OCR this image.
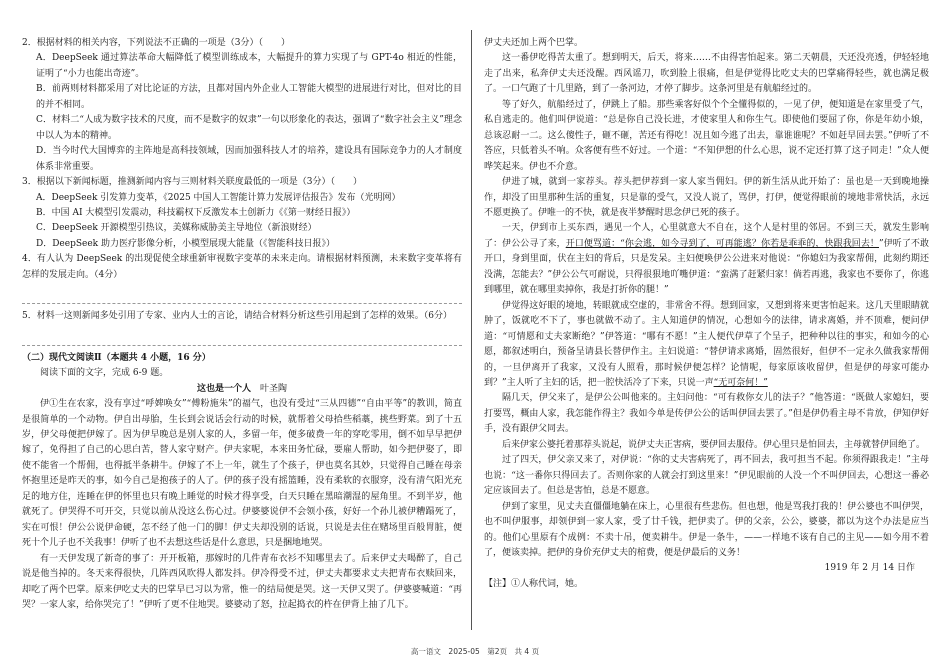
2．根据材料的相关内容，下列说法不正确的一项是（3分）（　　）

A．DeepSeek 通过算法革命大幅降低了模型训练成本，大幅提升的算力实现了与 GPT-4o 相近的性能，证明了“小力也能出奇迹”。

B．前两则材料都采用了对比论证的方法，且都对国内外企业人工智能大模型的进展进行对比，但对比的目的并不相同。

C．材料二“人成为数字技术的尺度，而不是数字的奴隶”一句以形象化的表达，强调了“数字社会主义”理念中以人为本的精神。

D．当今时代大国博弈的主阵地是高科技领域，因而加强科技人才的培养，建设具有国际竞争力的人才制度体系非常重要。

3．根据以下新闻标题，推测新闻内容与三则材料关联度最低的一项是（3分）（　　）

A．DeepSeek 引发算力变革，《2025 中国人工智能计算力发展评估报告》发布（光明网）

B．中国 AI 大模型引发震动，科技霸权下反激发本土创新力《《第一财经日报》）

C．DeepSeek 开源模型引热议，美媒称威胁美主导地位（新浪财经）

D．DeepSeek 助力医疗影像分析，小模型展现大能量（《智能科技日报》）

4．有人认为 DeepSeek 的出现促使全球重新审视数字变革的未来走向。请根据材料预测，未来数字变革将有怎样的发展走向。（4分）

5．材料一这则新闻多处引用了专家、业内人士的言论，请结合材料分析这些引用起到了怎样的效果。（6分）

（二）现代文阅读Ⅱ（本题共 4 小题，16 分）

阅读下面的文字，完成 6-9 题。

这也是一个人　 叶圣陶

伊①生在农家，没有享过“呼婢唤女”“傅粉施朱”的福气，也没有受过“三从四德”“自由平等”的教训，简直是很简单的一个动物。伊自出母胎，生长到会说话会行动的时候，就帮着父母拾些稻藁，挑些野菜。到了十五岁，伊父母便把伊嫁了。因为伊早晚总是别人家的人，多留一年，便多破费一年的穿吃零用，倒不如早早把伊嫁了，免得担了自己的心思白苦，替人家守财产。伊夫家呢，本来田务忙碌，要雇人帮助，如今把伊娶了，即使不能省一个帮佣，也得抵半条耕牛。伊嫁了不上一年，就生了个孩子，伊也莫名其妙，只觉得自己睡在母亲怀抱里还是昨天的事，如今自己是抱孩子的人了。伊的孩子没有摇篮睡，没有柔软的衣服穿，没有清气阳光充足的地方住，连睡在伊的怀里也只有晚上睡觉的时候才得享受，白天只睡在黑暗潮湿的屋角里。不到半岁，他就死了。伊哭得不可开交，只觉以前从没这么伤心过。伊婆婆说伊不会领小孩，好好一个孙儿被伊糟蹋死了，实在可恨！伊公公说伊命硬，怎不经了他一门的脚！伊丈夫却没别的话说，只说是去住在赌场里百般胃脏，便死十个儿子也不关我事！伊听了也不去想这些话是什么意思，只是捆地地哭。

有一天伊发现了新奇的事了：开开板箱，那嫁时的几件青布衣衫不知哪里去了。后来伊丈夫喝醉了，自己说是他当掉的。冬天来得很快，几阵西风吹得人都发抖。伊冷得受不过，伊丈夫都要求丈夫把青布衣赎回来，却吃了两个巴掌。原来伊吃丈夫的巴掌早已习以为常，惟一的结局便是哭。这一天伊又哭了。伊婆婆喊道：“再哭？一家人家，给你哭完了！”伊听了更不住地哭。婆婆动了怒，拉起捣衣的杵在伊背上抽了几下。

伊丈夫还加上两个巴掌。

这一番伊吃得苦太重了。想到明天，后天，将来……不由得害怕起来。第二天朝晨，天还没亮透，伊轻轻地走了出来，私奔伊丈夫还没醒。西风谣刀，吹到脸上很痛，但是伊觉得比吃丈夫的巴掌痛得轻些，就也满足极了。一口气跑了十几里路，到了一条河边，才停了脚步。这条河里是有航船经过的。

等了好久，航船经过了，伊跳上了船。那些乘客好似个个全懂得似的，一见了伊，便知道是在家里受了气，私自逃走的。他们叫伊说道：“总是你自己没长进，才使家里人和你生气。即使他们要屈了你，你是年幼小娘，总该忍耐一二。这么傻性子，砸不砸，苦还有得吃！况且如今逃了出去，靠谁谁呢？不如赶早回去罢。”伊听了不答应，只低着头不响。众客便有些不好过。一个道：“不知伊想的什么心思，说不定还打算了这子同走！”众人便哗笑起来。伊也不介意。

伊进了城，就到一家荐头。荐头把伊荐到一家人家当佣妇。伊的新生活从此开始了：虽也是一天到晚地操作，却没了田里那种生活的重复，只是靠的受气，又没人说了，骂伊，打伊，便觉得眼前的境地非常快活，永远不愿更换了。伊唯一的不快，就是夜半梦醒时思念伊已死的孩子。

一天，伊到市上买东西，遇见一个人，心里就意大不自在，这个人是村里的邻居。不到三天，就发生影响了：伊公公寻了来，开口便骂道：“你会逃，如今寻到了，可再能逃？你若是乖乖的，快跟我回去！”伊听了不敢开口，身到里面，伏在主妇的背后，只是发呆。主妇便唤伊公公进来对他说：“你媳妇为我家帮佣，此刻约期还没满，怎能去？”伊公公气可耐说，只得很狠地吖嘴伊道：“蛮满了赶紧归家！倘若再逃，我家也不要你了，你逃到哪里，就在哪里卖掉你，我是打折你的腿！”

伊觉得这好眼的境地，转眼就成空虚的，非常舍不得。想到回家，又想到将来更害怕起来。这几天里眼睛就肿了，饭就吃不下了，事也就做不动了。主人知道伊的情况，心想如今的法律，请求离婚，并不顶难，便问伊道：“可情愿和丈夫家断绝？”伊答道：“哪有不愿！”主人便代伊草了个呈子，把种种以往的事实，和如今的心愿，都叙述明白，预备呈请县长替伊作主。主妇说道：“替伊请求离婚，固然很好，但伊不一定永久做我家帮佣的，一旦伊离开了我家，又没有人照看，那时候伊便怎样？论情呢，每家原该收留伊，但是伊的母家可能办到？”主人听了主妇的话，把一腔快活冷了下来，只说一声“无可奈何！”

隔几天，伊父来了，是伊公公叫他来的。主妇问他：“可有救你女儿的法子？”他答道：“既做人家媳妇，要打要骂，概由人家，我怎能作得主？我如今单是传伊公公的话叫伊回去罢了。”但是伊仍看主母不肯放，伊知伊好手，没有跟伊父同去。

后来伊家公婆托着那荐头说起，说伊丈夫正害病，要伊回去服侍。伊心里只是怕回去，主母就替伊回绝了。

过了四天，伊父亲又来了，对伊说：“你的丈夫害病死了，再不回去，我可担当不起。你须得跟我走！”主母也说：“这一番你只得回去了。否则你家的人就会打到这里来！”伊见眼前的人没一个不叫伊回去，心想这一番必定应该回去了。但总是害怕，总是不愿意。

伊到了家里，见丈夫直僵僵地躺在床上，心里很有些悲伤。但也想，他是骂我打我的！伊公婆也不叫伊哭，也不叫伊服事，却领伊到一家人家，受了廿千钱，把伊卖了。伊的父亲，公公，婆婆，都以为这个办法是应当的。他们心里原有个成例：不卖十吊，便卖耕牛。伊是一条牛，——一样地不该有自己的主见——如今用不着了，便该卖掉。把伊的身价充伊丈夫的棺费，便是伊最后的义务！

1919 年 2 月 14 日作

【注】①人称代词，她。

高一语文　2025-05　第2页　共 4 页
